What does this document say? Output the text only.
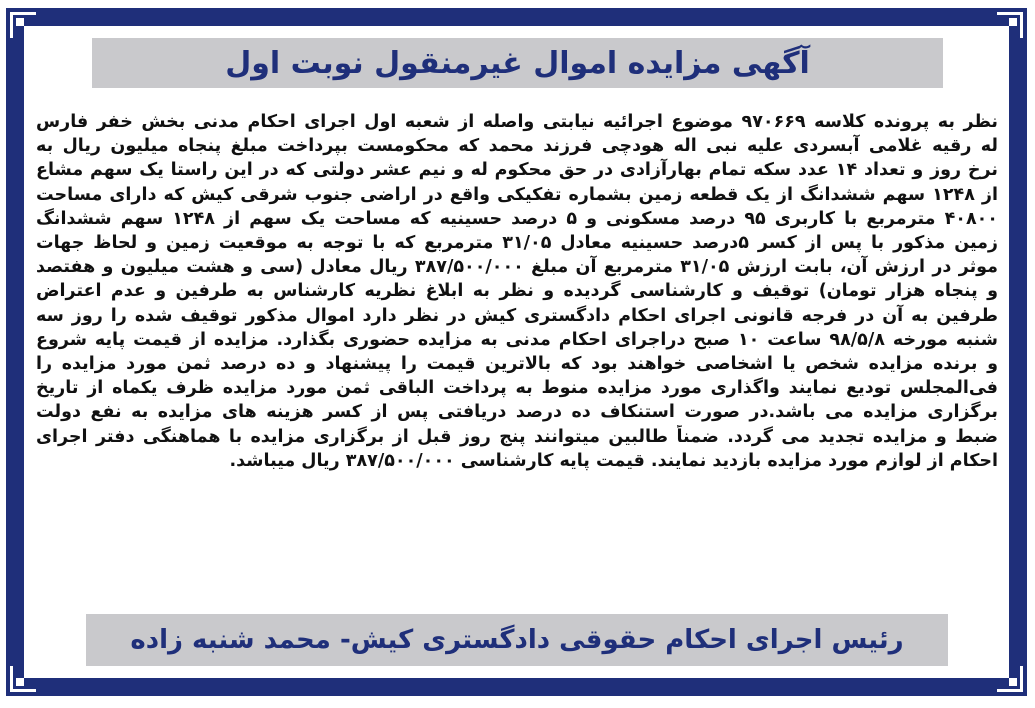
آگهی مزایده اموال غیرمنقول نوبت اول
نظر به پرونده کلاسه ۹۷۰۶۶۹ موضوع اجرائیه نیابتی واصله از شعبه اول اجرای احکام مدنی بخش خفر فارس
له رقیه غلامی آبسردی علیه نبی اله هودچی فرزند محمد که محکومست بپرداخت مبلغ پنجاه میلیون ریال به
نرخ روز و تعداد ۱۴ عدد سکه تمام بهارآزادی در حق محکوم له و نیم عشر دولتی که در این راستا یک سهم مشاع
از ۱۲۴۸ سهم ششدانگ از یک قطعه زمین بشماره تفکیکی واقع در اراضی جنوب شرقی کیش که دارای مساحت
۴۰۸۰۰ مترمربع با کاربری ۹۵ درصد مسکونی و ۵ درصد حسینیه که مساحت یک سهم از ۱۲۴۸ سهم ششدانگ
زمین مذکور با پس از کسر ۵درصد حسینیه معادل ۳۱/۰۵ مترمربع که با توجه به موقعیت زمین و لحاظ جهات
موثر در ارزش آن، بابت ارزش ۳۱/۰۵ مترمربع آن مبلغ ۳۸۷/۵۰۰/۰۰۰ ریال معادل (سی و هشت میلیون و هفتصد
و پنجاه هزار تومان) توقیف و کارشناسی گردیده و نظر به ابلاغ نظریه کارشناس به طرفین و عدم اعتراض
طرفین به آن در فرجه قانونی اجرای احکام دادگستری کیش در نظر دارد اموال مذکور توقیف شده را روز سه
شنبه مورخه ۹۸/۵/۸ ساعت ۱۰ صبح دراجرای احکام مدنی به مزایده حضوری بگذارد. مزایده از قیمت پایه شروع
و برنده مزایده شخص یا اشخاصی خواهند بود که بالاترین قیمت را پیشنهاد و ده درصد ثمن مورد مزایده را
فی‌المجلس تودیع نمایند واگذاری مورد مزایده منوط به پرداخت الباقی ثمن مورد مزایده ظرف یکماه از تاریخ
برگزاری مزایده می باشد.در صورت استنکاف ده درصد دریافتی پس از کسر هزینه های مزایده به نفع دولت
ضبط و مزایده تجدید می گردد. ضمناً طالبین میتوانند پنج روز قبل از برگزاری مزایده با هماهنگی دفتر اجرای
احکام از لوازم مورد مزایده بازدید نمایند. قیمت پایه کارشناسی ۳۸۷/۵۰۰/۰۰۰ ریال میباشد.
رئیس اجرای احکام حقوقی دادگستری کیش- محمد شنبه زاده
